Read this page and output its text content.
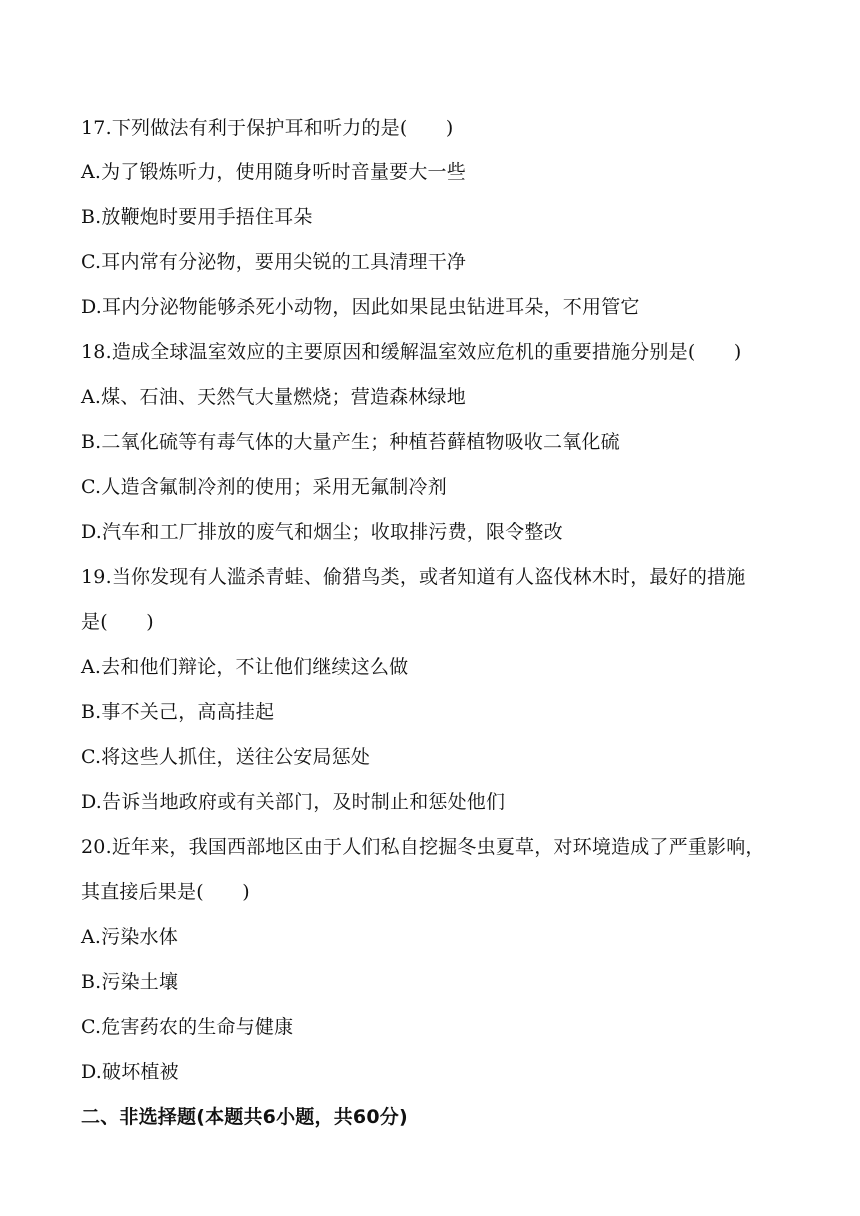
17.下列做法有利于保护耳和听力的是(　　)
A.为了锻炼听力，使用随身听时音量要大一些
B.放鞭炮时要用手捂住耳朵
C.耳内常有分泌物，要用尖锐的工具清理干净
D.耳内分泌物能够杀死小动物，因此如果昆虫钻进耳朵，不用管它
18.造成全球温室效应的主要原因和缓解温室效应危机的重要措施分别是(　　)
A.煤、石油、天然气大量燃烧；营造森林绿地
B.二氧化硫等有毒气体的大量产生；种植苔藓植物吸收二氧化硫
C.人造含氟制冷剂的使用；采用无氟制冷剂
D.汽车和工厂排放的废气和烟尘；收取排污费，限令整改
19.当你发现有人滥杀青蛙、偷猎鸟类，或者知道有人盗伐林木时，最好的措施
是(　　)
A.去和他们辩论，不让他们继续这么做
B.事不关己，高高挂起
C.将这些人抓住，送往公安局惩处
D.告诉当地政府或有关部门，及时制止和惩处他们
20.近年来，我国西部地区由于人们私自挖掘冬虫夏草，对环境造成了严重影响，
其直接后果是(　　)
A.污染水体
B.污染土壤
C.危害药农的生命与健康
D.破坏植被
二、非选择题(本题共6小题，共60分)
